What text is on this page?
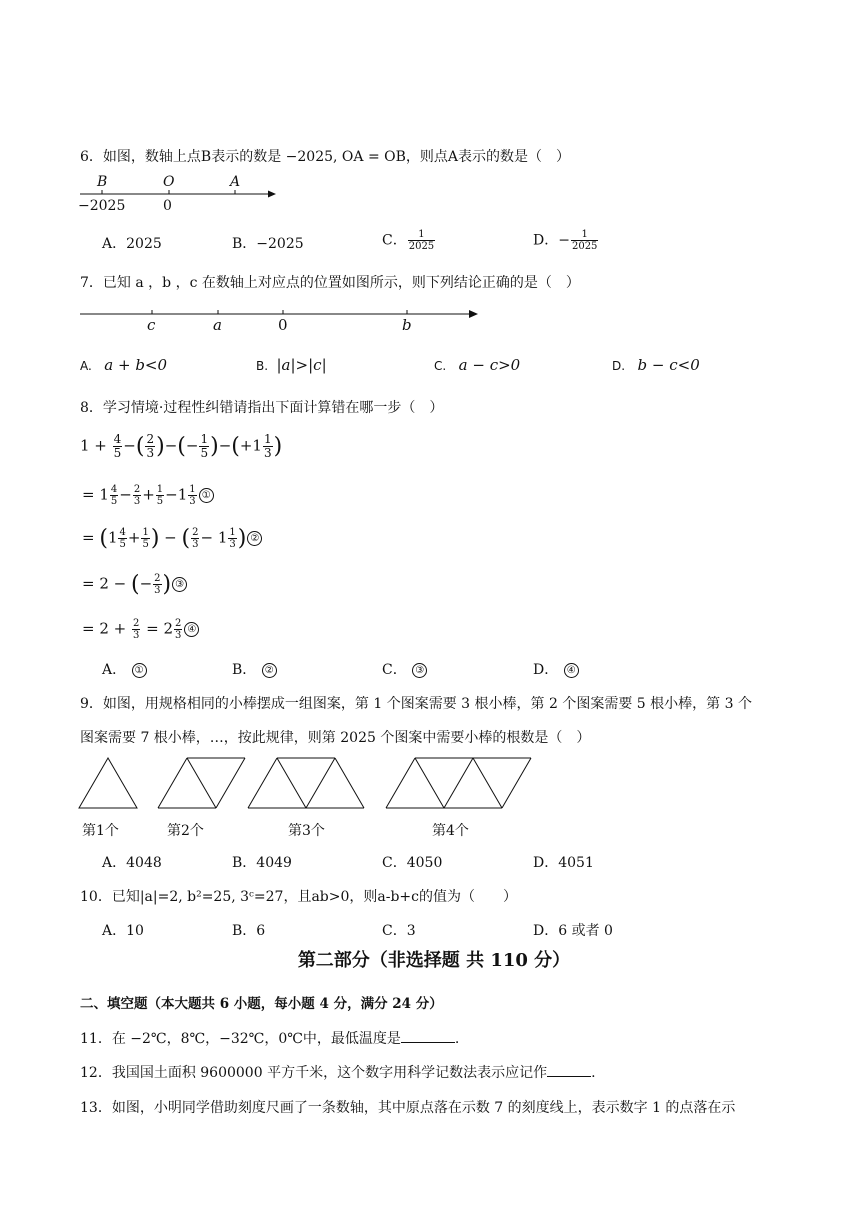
6．如图，数轴上点B表示的数是 −2025, OA = OB，则点A表示的数是（　）
B	O	A
−2025	0
A．2025	B．−2025	C． $\frac{1}{2025}$	D．− $\frac{1}{2025}$
7．已知 a ，b ，c 在数轴上对应点的位置如图所示，则下列结论正确的是（　）
c	a	0	b
A. a + b<0	B. |a|>|c|	C. a − c>0	D. b − c<0
8．学习情境·过程性纠错请指出下面计算错在哪一步（　）
$1 + \frac{4}{5}$ −( $\frac{2}{3}$ )−(− $\frac{1}{5} )-(+1 \frac{1}{3}$ )
= $1 \frac{4}{5} - \frac{2}{3} + \frac{1}{5} -1 \frac{1}{3}$ ①
= ($1 \frac{4}{5} + \frac{1}{5}$ ) − ( $\frac{2}{3} - 1 \frac{1}{3}$ ) ②
= 2 − (− $\frac{2}{3}$ ) ③
= $2 + \frac{2}{3} = 2 \frac{2}{3}$ ④
A． ①	B． ②	C． ③	D． ④
9．如图，用规格相同的小棒摆成一组图案，第 1 个图案需要 3 根小棒，第 2 个图案需要 5 根小棒，第 3 个
图案需要 7 根小棒，…，按此规律，则第 2025 个图案中需要小棒的根数是（　）
第1个	第2个	第3个	第4个
A．4048	B．4049	C．4050	D．4051
10．已知|a|=2, b²=25, 3ᶜ=27，且ab>0，则a-b+c的值为（　　）
A．10	B．6	C．3	D．6 或者 0
第二部分（非选择题 共 110 分）
二、填空题（本大题共 6 小题，每小题 4 分，满分 24 分）
11．在 −2℃，8℃，−32℃，0℃中，最低温度是	.
12．我国国土面积 9600000 平方千米，这个数字用科学记数法表示应记作	.
13．如图，小明同学借助刻度尺画了一条数轴，其中原点落在示数 7 的刻度线上，表示数字 1 的点落在示
